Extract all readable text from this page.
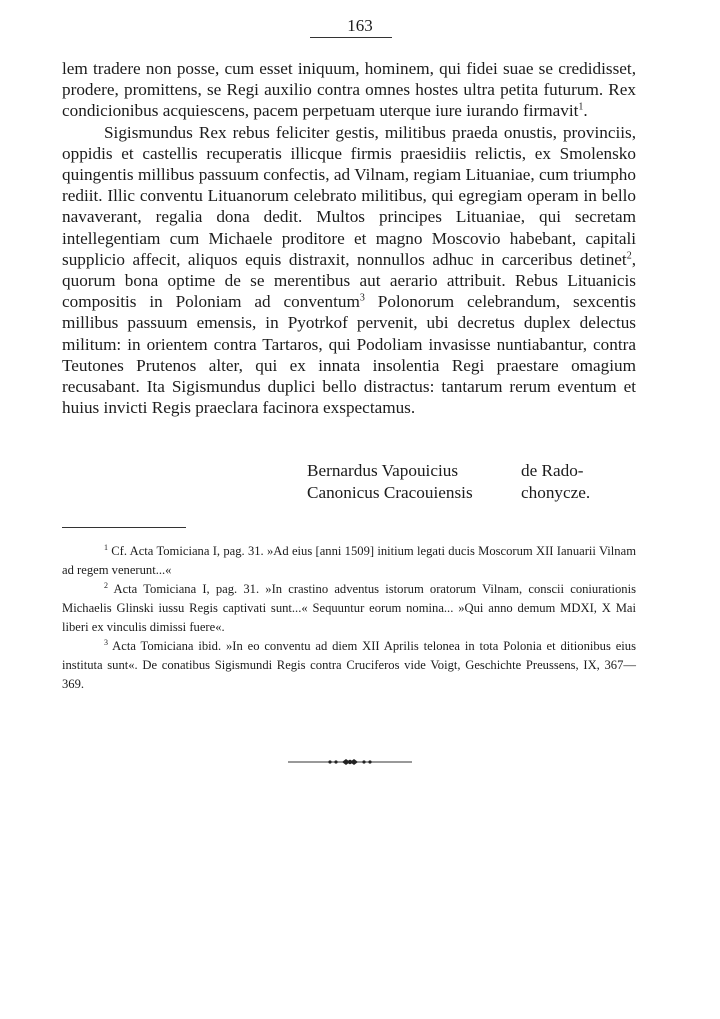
163

lem tradere non posse, cum esset iniquum, hominem, qui fidei suae se credidisset, prodere, promittens, se Regi auxilio contra omnes hostes ultra petita futurum. Rex condicionibus acquiescens, pacem perpetuam uterque iure iurando firmavit$^1$.

Sigismundus Rex rebus feliciter gestis, militibus praeda onustis, provinciis, oppidis et castellis recuperatis illicque firmis praesidiis relictis, ex Smolensko quingentis millibus passuum confectis, ad Vilnam, regiam Lituaniae, cum triumpho rediit. Illic conventu Lituanorum celebrato militibus, qui egregiam operam in bello navaverant, regalia dona dedit. Multos principes Lituaniae, qui secretam intellegentiam cum Michaele proditore et magno Moscovio habebant, capitali supplicio affecit, aliquos equis distraxit, nonnullos adhuc in carceribus detinet$^2$, quorum bona optime de se merentibus aut aerario attribuit. Rebus Lituanicis compositis in Poloniam ad conventum$^3$ Polonorum celebrandum, sexcentis millibus passuum emensis, in Pyotrkof pervenit, ubi decretus duplex delectus militum: in orientem contra Tartaros, qui Podoliam invasisse nuntiabantur, contra Teutones Prutenos alter, qui ex innata insolentia Regi praestare omagium recusabant. Ita Sigismundus duplici bello distractus: tantarum rerum eventum et huius invicti Regis praeclara facinora exspectamus.

Bernardus Vapouicius	de Rado-
Canonicus Cracouiensis	chonycze.

$^1$ Cf. Acta Tomiciana I, pag. 31. »Ad eius [anni 1509] initium legati ducis Moscorum XII Ianuarii Vilnam ad regem venerunt...«

$^2$ Acta Tomiciana I, pag. 31. »In crastino adventus istorum oratorum Vilnam, conscii coniurationis Michaelis Glinski iussu Regis captivati sunt...« Sequuntur eorum nomina... »Qui anno demum MDXI, X Mai liberi ex vinculis dimissi fuere«.

$^3$ Acta Tomiciana ibid. »In eo conventu ad diem XII Aprilis telonea in tota Polonia et ditionibus eius instituta sunt«. De conatibus Sigismundi Regis contra Cruciferos vide Voigt, Geschichte Preussens, IX, 367—369.
